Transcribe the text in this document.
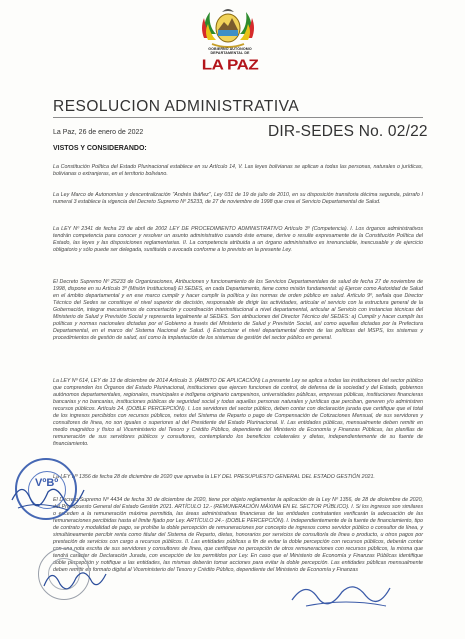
GOBIERNO AUTÓNOMO
DEPARTAMENTAL DE
LA PAZ
RESOLUCION ADMINISTRATIVA
DIR-SEDES No. 02/22
La Paz, 26 de enero de 2022
VISTOS Y CONSIDERANDO:

La Constitución Política del Estado Plurinacional establece en su Artículo 14, V. Las leyes bolivianas se aplican a todas las personas, naturales o jurídicas, bolivianas o extranjeras, en el territorio boliviano.

La Ley Marco de Autonomías y descentralización "Andrés Ibáñez", Ley 031 de 19 de julio de 2010, en su disposición transitoria décima segunda, párrafo I numeral 3 establece la vigencia del Decreto Supremo Nº 25233, de 27 de noviembre de 1998 que crea el Servicio Departamental de Salud.

La LEY Nº 2341 de fecha 23 de abril de 2002 LEY DE PROCEDIMIENTO ADMINISTRATIVO Artículo 3º (Competencia). I. Los órganos administrativos tendrán competencia para conocer y resolver un asunto administrativo cuando éste emane, derive o resulte expresamente de la Constitución Política del Estado, las leyes y las disposiciones reglamentarias. II. La competencia atribuida a un órgano administrativo es irrenunciable, inexcusable y de ejercicio obligatorio y sólo puede ser delegada, sustituida o avocada conforme a lo previsto en la presente Ley.

El Decreto Supremo Nº 25233 de Organizaciones, Atribuciones y funcionamiento de los Servicios Departamentales de salud de fecha 27 de noviembre de 1998, dispone en su Artículo 3º (Misión Institucional) El SEDES, en cada Departamento, tiene como misión fundamental: a) Ejercer como Autoridad de Salud en el ámbito departamental y en ese marco cumplir y hacer cumplir la política y las normas de orden público en salud. Artículo 9º, señala que Director Técnico del Sedes se constituye el nivel superior de decisión, responsable de dirigir las actividades, articular el servicio con la estructura general de la Gobernación, integrar mecanismos de concertación y coordinación interinstitucional a nivel departamental, articular al Servicio con instancias técnicas del Ministerio de Salud y Previsión Social y representa legalmente al SEDES. Son atribuciones del Director Técnico del SEDES: a) Cumplir y hacer cumplir las políticas y normas nacionales dictadas por el Gobierno a través del Ministerio de Salud y Previsión Social, así como aquellas dictadas por la Prefectura Departamental, en el marco del Sistema Nacional de Salud. i) Estructurar el nivel departamental dentro de las políticas del MSPS, los sistemas y procedimientos de gestión de salud, así como la implantación de los sistemas de gestión del sector público en general.

La LEY Nº 614, LEY de 13 de diciembre de 2014 Artículo 3. (ÁMBITO DE APLICACIÓN) La presente Ley se aplica a todas las instituciones del sector público que comprenden los Órganos del Estado Plurinacional, instituciones que ejercen funciones de control, de defensa de la sociedad y del Estado, gobiernos autónomos departamentales, regionales, municipales e indígena originario campesinos, universidades públicas, empresas públicas, instituciones financieras bancarias y no bancarias, instituciones públicas de seguridad social y todas aquellas personas naturales y jurídicas que perciban, generen y/o administren recursos públicos. Artículo 24. (DOBLE PERCEPCIÓN). I. Los servidores del sector público, deben contar con declaración jurada que certifique que el total de los ingresos percibidos con recursos públicos, netos del Sistema de Reparto o pago de Compensación de Cotizaciones Mensual, de sus servidores y consultores de línea, no son iguales o superiores al del Presidente del Estado Plurinacional. II. Las entidades públicas, mensualmente deben remitir en medio magnético y físico al Viceministerio del Tesoro y Crédito Público, dependiente del Ministerio de Economía y Finanzas Públicas, las planillas de remuneración de sus servidores públicos y consultores, contemplando los beneficios colaterales y dietas, independientemente de su fuente de financiamiento.

La LEY Nº 1356 de fecha 28 de diciembre de 2020 que aprueba la LEY DEL PRESUPUESTO GENERAL DEL ESTADO GESTIÓN 2021.

El Decreto Supremo Nº 4434 de fecha 30 de diciembre de 2020, tiene por objeto reglamentar la aplicación de la Ley Nº 1356, de 28 de diciembre de 2020, del Presupuesto General del Estado Gestión 2021. ARTÍCULO 12.- (REMUNERACIÓN MÁXIMA EN EL SECTOR PÚBLICO). I. Si los ingresos son similares o exceden a la remuneración máxima permitida, las áreas administrativas financieras de las entidades contratantes verificarán la adecuación de las remuneraciones percibidas hasta el límite fijado por Ley. ARTÍCULO 24.- (DOBLE PERCEPCIÓN). I. Independientemente de la fuente de financiamiento, tipo de contrato y modalidad de pago, se prohíbe la doble percepción de remuneraciones por concepto de ingresos como servidor público o consultor de línea, y simultáneamente percibir renta como titular del Sistema de Reparto, dietas, honorarios por servicios de consultoría de línea o producto, u otros pagos por prestación de servicios con cargo a recursos públicos. II. Las entidades públicas a fin de evitar la doble percepción con recursos públicos, deberán contar con una nota escrita de sus servidores y consultores de línea, que certifique no percepción de otros remuneraciones con recursos públicos, la misma que tendrá carácter de Declaración Jurada, con excepción de los permitidos por Ley. En caso que el Ministerio de Economía y Finanzas Públicas identifique doble percepción y notifique a las entidades, las mismas deberán tomar acciones para evitar la doble percepción. Las entidades públicas mensualmente deben remitir en formato digital al Viceministerio del Tesoro y Crédito Público, dependiente del Ministerio de Economía y Finanzas

VºBº
